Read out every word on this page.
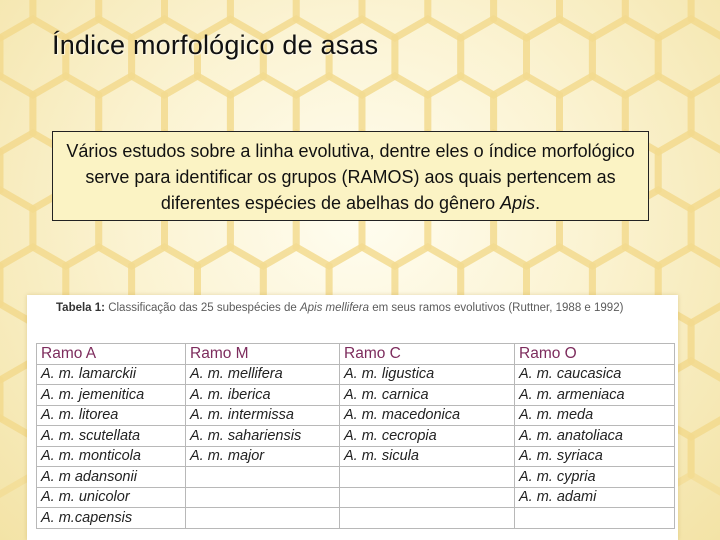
Índice morfológico de asas
Vários estudos sobre a linha evolutiva, dentre eles o índice morfológico serve para identificar os grupos (RAMOS) aos quais pertencem as diferentes espécies de abelhas do gênero Apis.
Tabela 1: Classificação das 25 subespécies de Apis mellifera em seus ramos evolutivos (Ruttner, 1988 e 1992)
Ramo A	Ramo M	Ramo C	Ramo O
A. m. lamarckii	A. m. mellifera	A. m. ligustica	A. m. caucasica
A. m. jemenitica	A. m. iberica	A. m. carnica	A. m. armeniaca
A. m. litorea	A. m. intermissa	A. m. macedonica	A. m. meda
A. m. scutellata	A. m. sahariensis	A. m. cecropia	A. m. anatoliaca
A. m. monticola	A. m. major	A. m. sicula	A. m. syriaca
A. m adansonii			A. m. cypria
A. m. unicolor			A. m. adami
A. m.capensis			
